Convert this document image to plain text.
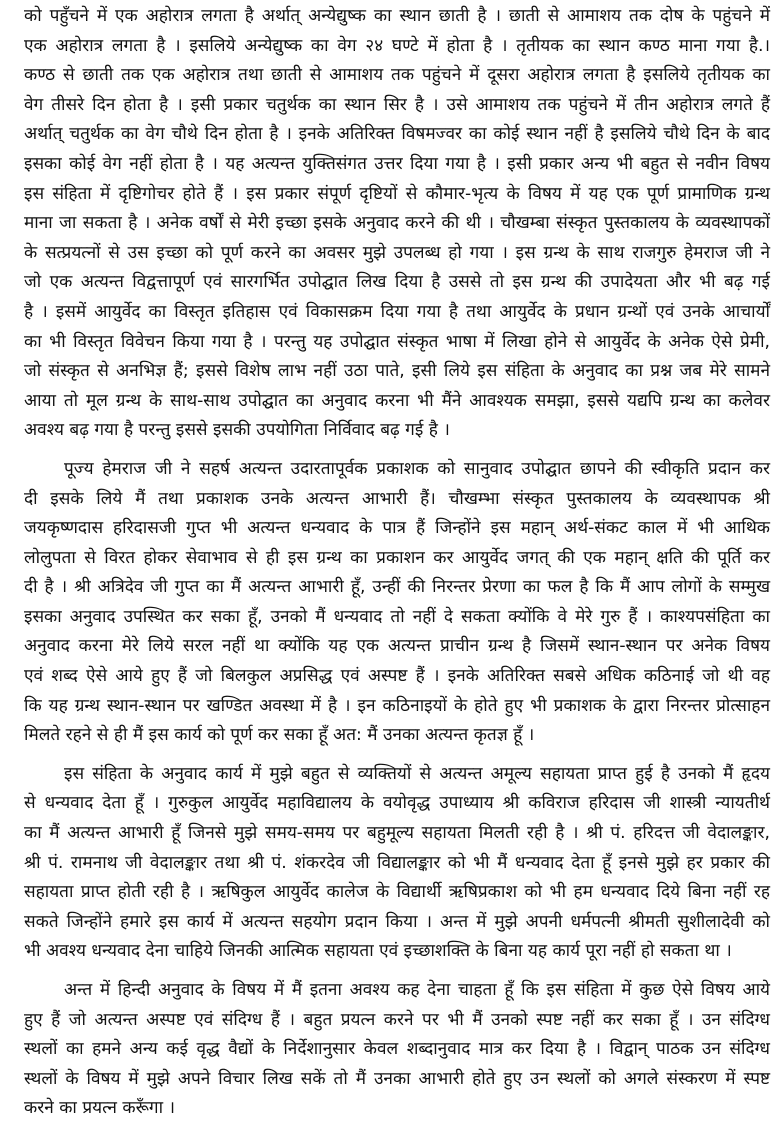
को पहुँचने में एक अहोरात्र लगता है अर्थात् अन्येद्युष्क का स्थान छाती है । छाती से आमाशय तक दोष के पहुंचने में
एक अहोरात्र लगता है । इसलिये अन्येद्युष्क का वेग २४ घण्टे में होता है । तृतीयक का स्थान कण्ठ माना गया है.।
कण्ठ से छाती तक एक अहोरात्र तथा छाती से आमाशय तक पहुंचने में दूसरा अहोरात्र लगता है इसलिये तृतीयक का
वेग तीसरे दिन होता है । इसी प्रकार चतुर्थक का स्थान सिर है । उसे आमाशय तक पहुंचने में तीन अहोरात्र लगते हैं
अर्थात् चतुर्थक का वेग चौथे दिन होता है । इनके अतिरिक्त विषमज्वर का कोई स्थान नहीं है इसलिये चौथे दिन के बाद
इसका कोई वेग नहीं होता है । यह अत्यन्त युक्तिसंगत उत्तर दिया गया है । इसी प्रकार अन्य भी बहुत से नवीन विषय
इस संहिता में दृष्टिगोचर होते हैं । इस प्रकार संपूर्ण दृष्टियों से कौमार-भृत्य के विषय में यह एक पूर्ण प्रामाणिक ग्रन्थ
माना जा सकता है । अनेक वर्षों से मेरी इच्छा इसके अनुवाद करने की थी । चौखम्बा संस्कृत पुस्तकालय के व्यवस्थापकों
के सत्प्रयत्नों से उस इच्छा को पूर्ण करने का अवसर मुझे उपलब्ध हो गया । इस ग्रन्थ के साथ राजगुरु हेमराज जी ने
जो एक अत्यन्त विद्वत्तापूर्ण एवं सारगर्भित उपोद्घात लिख दिया है उससे तो इस ग्रन्थ की उपादेयता और भी बढ़ गई
है । इसमें आयुर्वेद का विस्तृत इतिहास एवं विकासक्रम दिया गया है तथा आयुर्वेद के प्रधान ग्रन्थों एवं उनके आचार्यों
का भी विस्तृत विवेचन किया गया है । परन्तु यह उपोद्घात संस्कृत भाषा में लिखा होने से आयुर्वेद के अनेक ऐसे प्रेमी,
जो संस्कृत से अनभिज्ञ हैं; इससे विशेष लाभ नहीं उठा पाते, इसी लिये इस संहिता के अनुवाद का प्रश्न जब मेरे सामने
आया तो मूल ग्रन्थ के साथ-साथ उपोद्घात का अनुवाद करना भी मैंने आवश्यक समझा, इससे यद्यपि ग्रन्थ का कलेवर
अवश्य बढ़ गया है परन्तु इससे इसकी उपयोगिता निर्विवाद बढ़ गई है ।
पूज्य हेमराज जी ने सहर्ष अत्यन्त उदारतापूर्वक प्रकाशक को सानुवाद उपोद्घात छापने की स्वीकृति प्रदान कर
दी इसके लिये मैं तथा प्रकाशक उनके अत्यन्त आभारी हैं। चौखम्भा संस्कृत पुस्तकालय के व्यवस्थापक श्री
जयकृष्णदास हरिदासजी गुप्त भी अत्यन्त धन्यवाद के पात्र हैं जिन्होंने इस महान् अर्थ-संकट काल में भी आथिक
लोलुपता से विरत होकर सेवाभाव से ही इस ग्रन्थ का प्रकाशन कर आयुर्वेद जगत् की एक महान् क्षति की पूर्ति कर
दी है । श्री अत्रिदेव जी गुप्त का मैं अत्यन्त आभारी हूँ, उन्हीं की निरन्तर प्रेरणा का फल है कि मैं आप लोगों के सम्मुख
इसका अनुवाद उपस्थित कर सका हूँ, उनको मैं धन्यवाद तो नहीं दे सकता क्योंकि वे मेरे गुरु हैं । काश्यपसंहिता का
अनुवाद करना मेरे लिये सरल नहीं था क्योंकि यह एक अत्यन्त प्राचीन ग्रन्थ है जिसमें स्थान-स्थान पर अनेक विषय
एवं शब्द ऐसे आये हुए हैं जो बिलकुल अप्रसिद्ध एवं अस्पष्ट हैं । इनके अतिरिक्त सबसे अधिक कठिनाई जो थी वह
कि यह ग्रन्थ स्थान-स्थान पर खण्डित अवस्था में है । इन कठिनाइयों के होते हुए भी प्रकाशक के द्वारा निरन्तर प्रोत्साहन
मिलते रहने से ही मैं इस कार्य को पूर्ण कर सका हूँ अत: मैं उनका अत्यन्त कृतज्ञ हूँ ।
इस संहिता के अनुवाद कार्य में मुझे बहुत से व्यक्तियों से अत्यन्त अमूल्य सहायता प्राप्त हुई है उनको मैं हृदय
से धन्यवाद देता हूँ । गुरुकुल आयुर्वेद महाविद्यालय के वयोवृद्ध उपाध्याय श्री कविराज हरिदास जी शास्त्री न्यायतीर्थ
का मैं अत्यन्त आभारी हूँ जिनसे मुझे समय-समय पर बहुमूल्य सहायता मिलती रही है । श्री पं. हरिदत्त जी वेदालङ्कार,
श्री पं. रामनाथ जी वेदालङ्कार तथा श्री पं. शंकरदेव जी विद्यालङ्कार को भी मैं धन्यवाद देता हूँ इनसे मुझे हर प्रकार की
सहायता प्राप्त होती रही है । ऋषिकुल आयुर्वेद कालेज के विद्यार्थी ऋषिप्रकाश को भी हम धन्यवाद दिये बिना नहीं रह
सकते जिन्होंने हमारे इस कार्य में अत्यन्त सहयोग प्रदान किया । अन्त में मुझे अपनी धर्मपत्नी श्रीमती सुशीलादेवी को
भी अवश्य धन्यवाद देना चाहिये जिनकी आत्मिक सहायता एवं इच्छाशक्ति के बिना यह कार्य पूरा नहीं हो सकता था ।
अन्त में हिन्दी अनुवाद के विषय में मैं इतना अवश्य कह देना चाहता हूँ कि इस संहिता में कुछ ऐसे विषय आये
हुए हैं जो अत्यन्त अस्पष्ट एवं संदिग्ध हैं । बहुत प्रयत्न करने पर भी मैं उनको स्पष्ट नहीं कर सका हूँ । उन संदिग्ध
स्थलों का हमने अन्य कई वृद्ध वैद्यों के निर्देशानुसार केवल शब्दानुवाद मात्र कर दिया है । विद्वान् पाठक उन संदिग्ध
स्थलों के विषय में मुझे अपने विचार लिख सकें तो मैं उनका आभारी होते हुए उन स्थलों को अगले संस्करण में स्पष्ट
करने का प्रयत्न करूँगा ।
